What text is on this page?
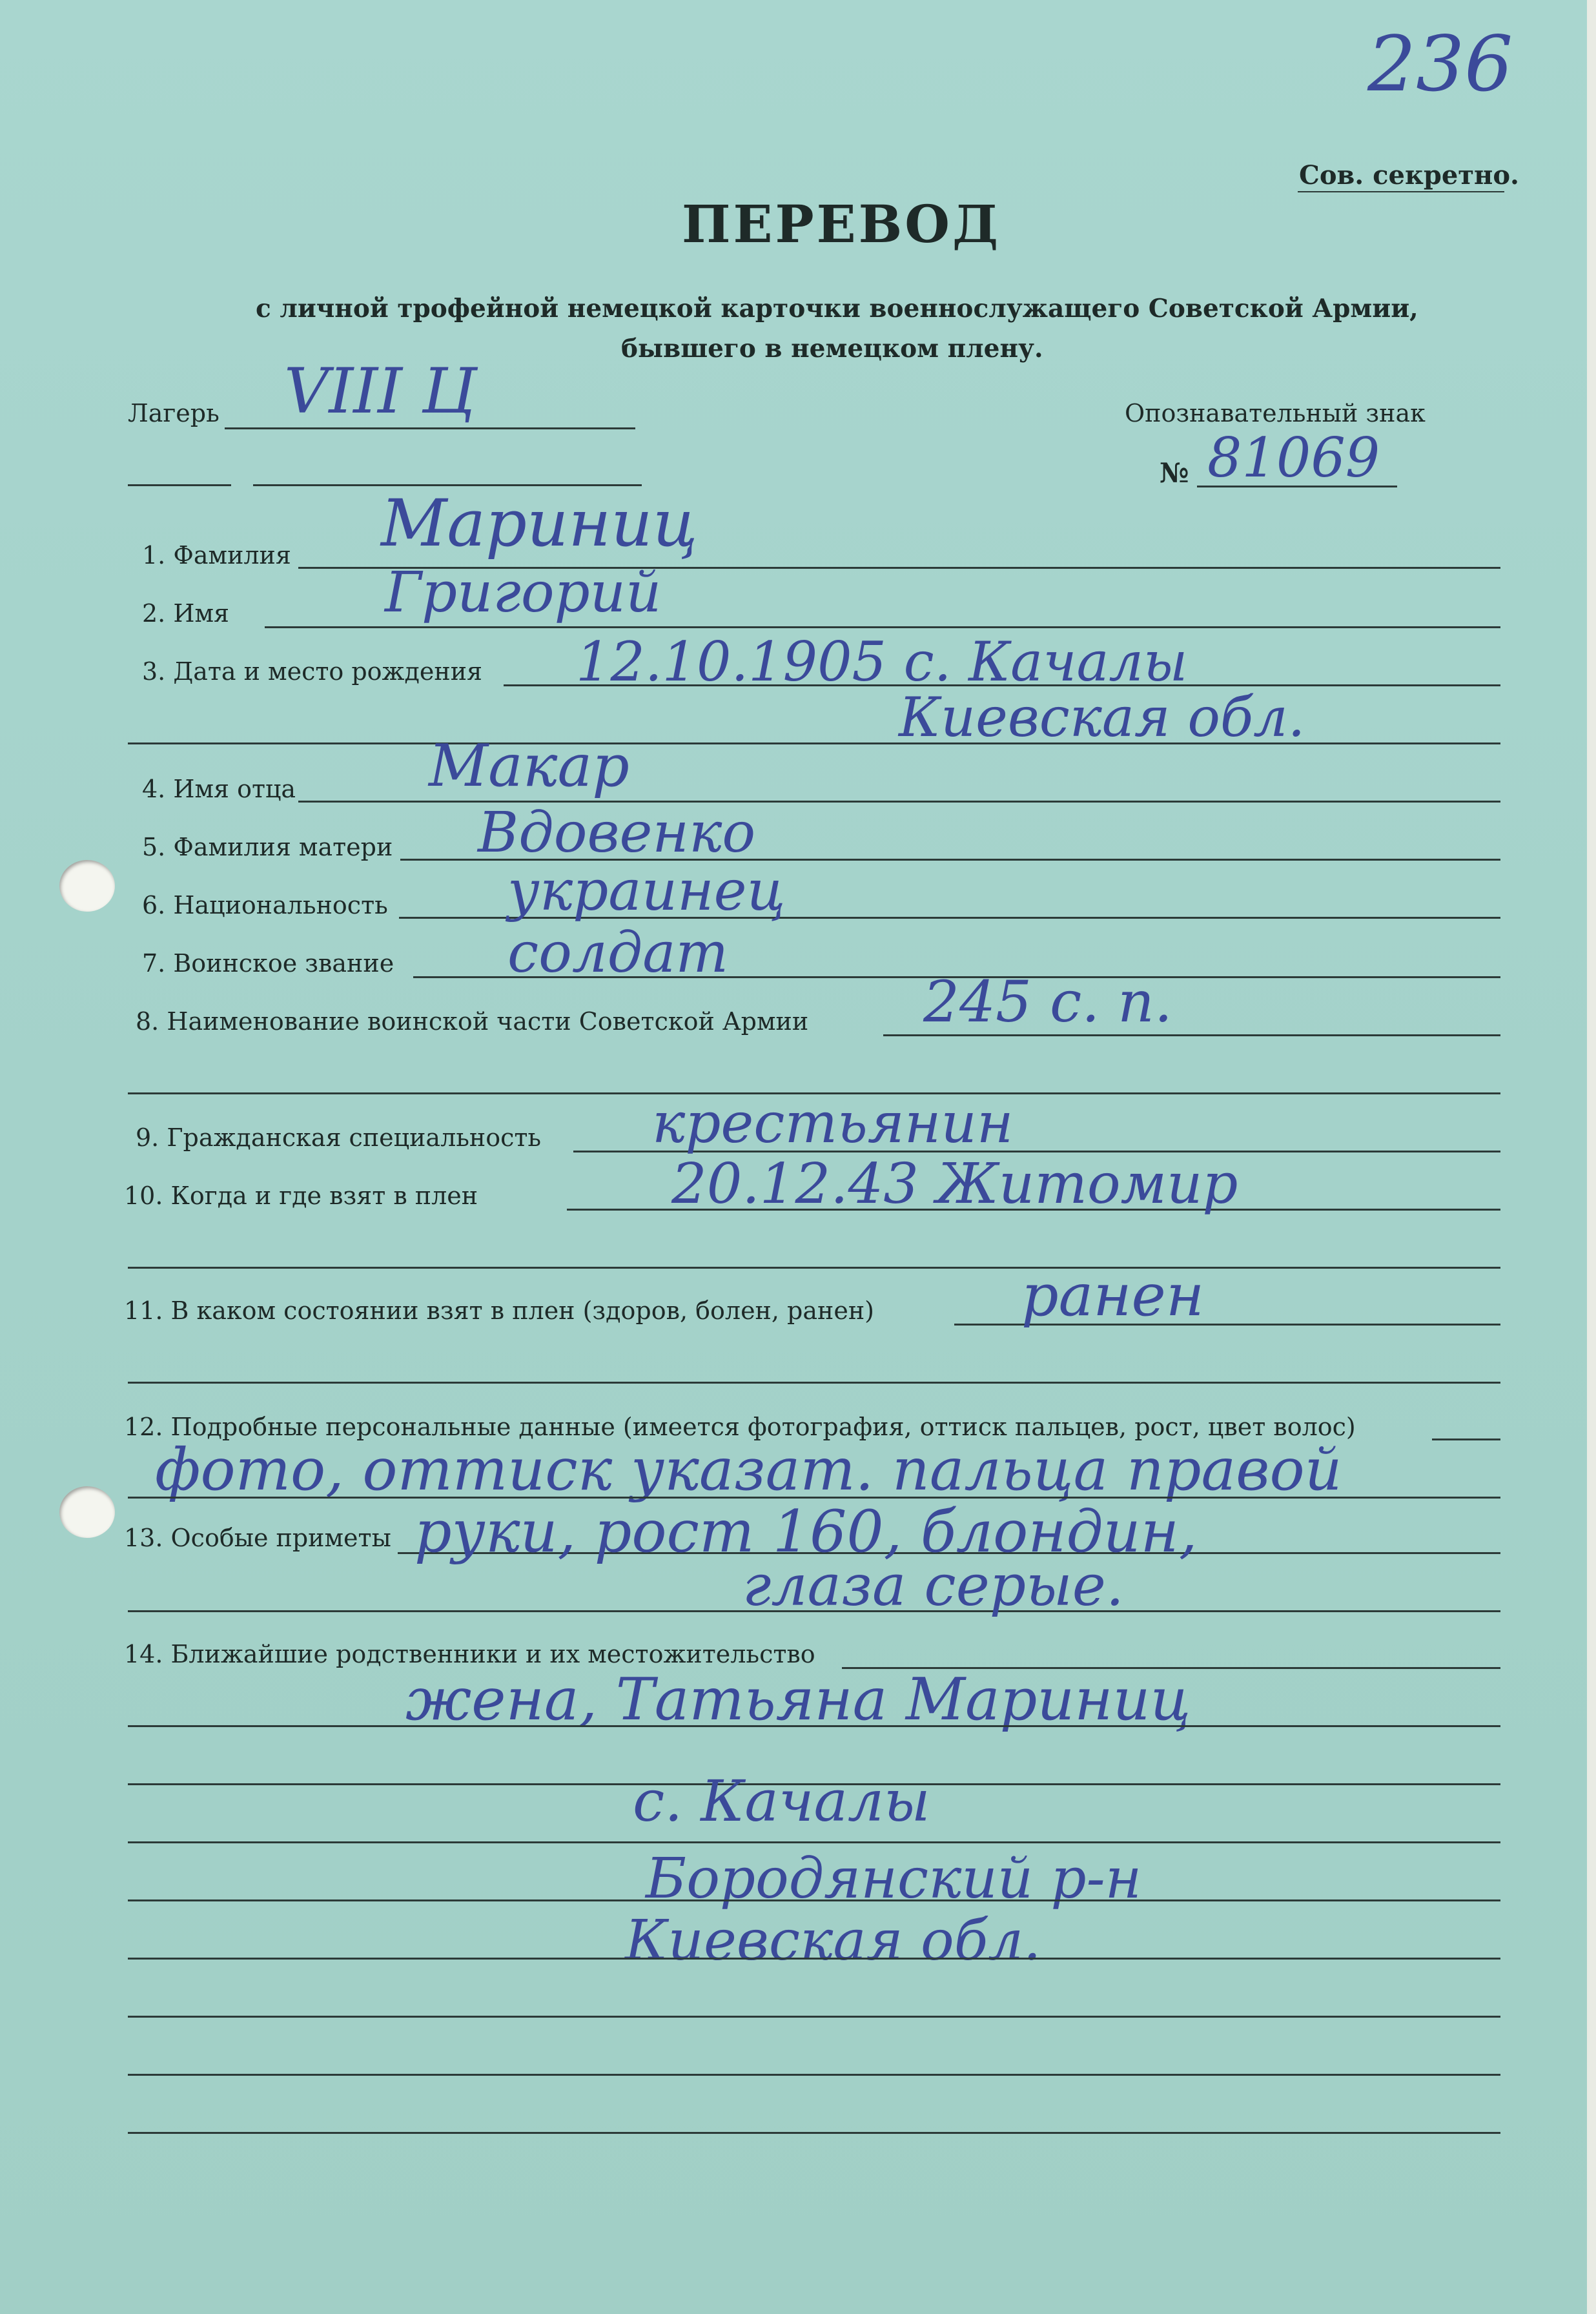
236
Сов. секретно.
ПЕРЕВОД
с личной трофейной немецкой карточки военнослужащего Советской Армии,
бывшего в немецком плену.
Лагерь VIII Ц	Опознавательный знак
№ 81069
1. Фамилия Мариниц
2. Имя	Григорий
3. Дата и место рождения 12.10.1905 с. Качалы
Киевская обл.
4. Имя отца Макар
5. Фамилия матери Вдовенко
6. Национальность украинец
7. Воинское звание солдат
8. Наименование воинской части Советской Армии 245 с. п.
9. Гражданская специальность крестьянин
10. Когда и где взят в плен	20.12.43 Житомир
11. В каком состоянии взят в плен (здоров, болен, ранен)	ранен
12. Подробные персональные данные (имеется фотография, оттиск пальцев, рост, цвет волос)
фото, оттиск указат. пальца правой
13. Особые приметы руки, рост 160, блондин,
глаза серые.
14. Ближайшие родственники и их местожительство
жена, Татьяна Мариниц
с. Качалы
Бородянский р-н
Киевская обл.
